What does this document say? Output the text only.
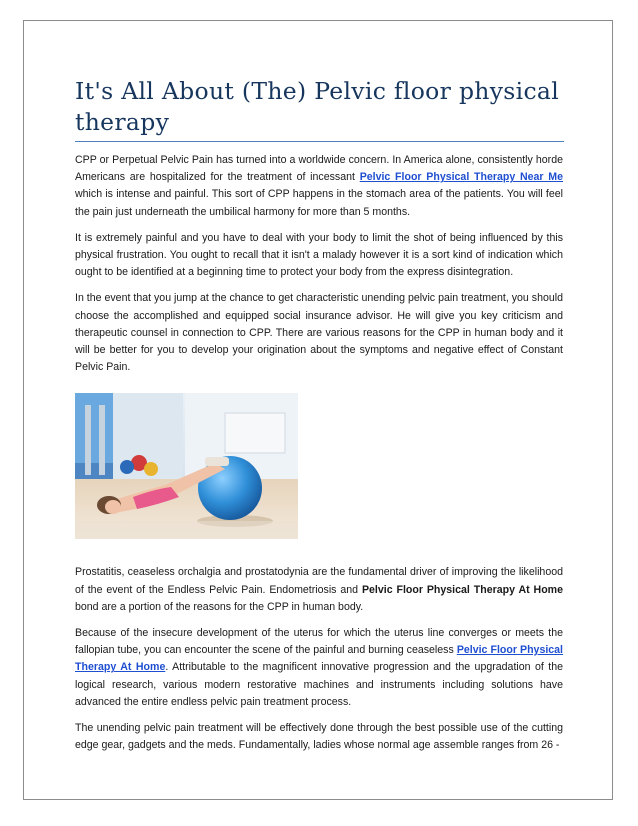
It's All About (The) Pelvic floor physical therapy

CPP or Perpetual Pelvic Pain has turned into a worldwide concern. In America alone, consistently horde Americans are hospitalized for the treatment of incessant Pelvic Floor Physical Therapy Near Me which is intense and painful. This sort of CPP happens in the stomach area of the patients. You will feel the pain just underneath the umbilical harmony for more than 5 months.

It is extremely painful and you have to deal with your body to limit the shot of being influenced by this physical frustration. You ought to recall that it isn't a malady however it is a sort kind of indication which ought to be identified at a beginning time to protect your body from the express disintegration.

In the event that you jump at the chance to get characteristic unending pelvic pain treatment, you should choose the accomplished and equipped social insurance advisor. He will give you key criticism and therapeutic counsel in connection to CPP. There are various reasons for the CPP in human body and it will be better for you to develop your origination about the symptoms and negative effect of Constant Pelvic Pain.

Prostatitis, ceaseless orchalgia and prostatodynia are the fundamental driver of improving the likelihood of the event of the Endless Pelvic Pain. Endometriosis and Pelvic Floor Physical Therapy At Home bond are a portion of the reasons for the CPP in human body.

Because of the insecure development of the uterus for which the uterus line converges or meets the fallopian tube, you can encounter the scene of the painful and burning ceaseless Pelvic Floor Physical Therapy At Home. Attributable to the magnificent innovative progression and the upgradation of the logical research, various modern restorative machines and instruments including solutions have advanced the entire endless pelvic pain treatment process.

The unending pelvic pain treatment will be effectively done through the best possible use of the cutting edge gear, gadgets and the meds. Fundamentally, ladies whose normal age assemble ranges from 26 -
